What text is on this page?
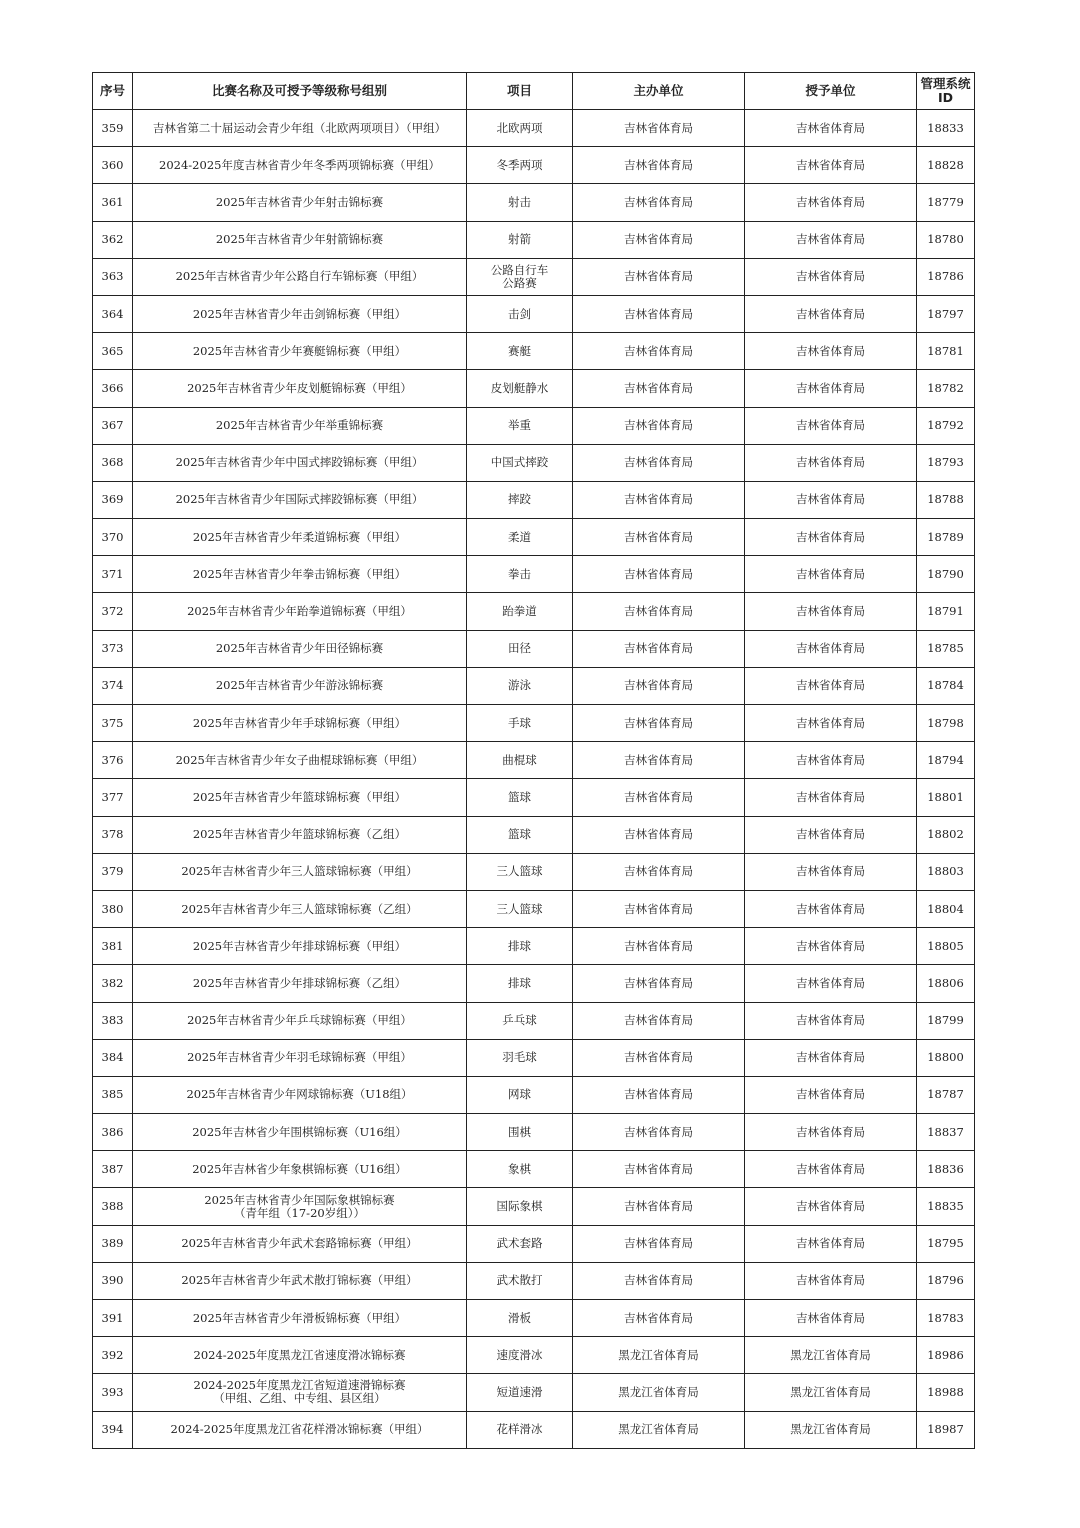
序号	比赛名称及可授予等级称号组别	项目	主办单位	授予单位	管理系统
ID
359	吉林省第二十届运动会青少年组（北欧两项项目）（甲组）	北欧两项	吉林省体育局	吉林省体育局	18833
360	2024-2025年度吉林省青少年冬季两项锦标赛（甲组）	冬季两项	吉林省体育局	吉林省体育局	18828
361	2025年吉林省青少年射击锦标赛	射击	吉林省体育局	吉林省体育局	18779
362	2025年吉林省青少年射箭锦标赛	射箭	吉林省体育局	吉林省体育局	18780
363	2025年吉林省青少年公路自行车锦标赛（甲组）	公路自行车
公路赛	吉林省体育局	吉林省体育局	18786
364	2025年吉林省青少年击剑锦标赛（甲组）	击剑	吉林省体育局	吉林省体育局	18797
365	2025年吉林省青少年赛艇锦标赛（甲组）	赛艇	吉林省体育局	吉林省体育局	18781
366	2025年吉林省青少年皮划艇锦标赛（甲组）	皮划艇静水	吉林省体育局	吉林省体育局	18782
367	2025年吉林省青少年举重锦标赛	举重	吉林省体育局	吉林省体育局	18792
368	2025年吉林省青少年中国式摔跤锦标赛（甲组）	中国式摔跤	吉林省体育局	吉林省体育局	18793
369	2025年吉林省青少年国际式摔跤锦标赛（甲组）	摔跤	吉林省体育局	吉林省体育局	18788
370	2025年吉林省青少年柔道锦标赛（甲组）	柔道	吉林省体育局	吉林省体育局	18789
371	2025年吉林省青少年拳击锦标赛（甲组）	拳击	吉林省体育局	吉林省体育局	18790
372	2025年吉林省青少年跆拳道锦标赛（甲组）	跆拳道	吉林省体育局	吉林省体育局	18791
373	2025年吉林省青少年田径锦标赛	田径	吉林省体育局	吉林省体育局	18785
374	2025年吉林省青少年游泳锦标赛	游泳	吉林省体育局	吉林省体育局	18784
375	2025年吉林省青少年手球锦标赛（甲组）	手球	吉林省体育局	吉林省体育局	18798
376	2025年吉林省青少年女子曲棍球锦标赛（甲组）	曲棍球	吉林省体育局	吉林省体育局	18794
377	2025年吉林省青少年篮球锦标赛（甲组）	篮球	吉林省体育局	吉林省体育局	18801
378	2025年吉林省青少年篮球锦标赛（乙组）	篮球	吉林省体育局	吉林省体育局	18802
379	2025年吉林省青少年三人篮球锦标赛（甲组）	三人篮球	吉林省体育局	吉林省体育局	18803
380	2025年吉林省青少年三人篮球锦标赛（乙组）	三人篮球	吉林省体育局	吉林省体育局	18804
381	2025年吉林省青少年排球锦标赛（甲组）	排球	吉林省体育局	吉林省体育局	18805
382	2025年吉林省青少年排球锦标赛（乙组）	排球	吉林省体育局	吉林省体育局	18806
383	2025年吉林省青少年乒乓球锦标赛（甲组）	乒乓球	吉林省体育局	吉林省体育局	18799
384	2025年吉林省青少年羽毛球锦标赛（甲组）	羽毛球	吉林省体育局	吉林省体育局	18800
385	2025年吉林省青少年网球锦标赛（U18组）	网球	吉林省体育局	吉林省体育局	18787
386	2025年吉林省少年围棋锦标赛（U16组）	围棋	吉林省体育局	吉林省体育局	18837
387	2025年吉林省少年象棋锦标赛（U16组）	象棋	吉林省体育局	吉林省体育局	18836
388	2025年吉林省青少年国际象棋锦标赛
（青年组（17-20岁组））	国际象棋	吉林省体育局	吉林省体育局	18835
389	2025年吉林省青少年武术套路锦标赛（甲组）	武术套路	吉林省体育局	吉林省体育局	18795
390	2025年吉林省青少年武术散打锦标赛（甲组）	武术散打	吉林省体育局	吉林省体育局	18796
391	2025年吉林省青少年滑板锦标赛（甲组）	滑板	吉林省体育局	吉林省体育局	18783
392	2024-2025年度黑龙江省速度滑冰锦标赛	速度滑冰	黑龙江省体育局	黑龙江省体育局	18986
393	2024-2025年度黑龙江省短道速滑锦标赛
（甲组、乙组、中专组、县区组）	短道速滑	黑龙江省体育局	黑龙江省体育局	18988
394	2024-2025年度黑龙江省花样滑冰锦标赛（甲组）	花样滑冰	黑龙江省体育局	黑龙江省体育局	18987
